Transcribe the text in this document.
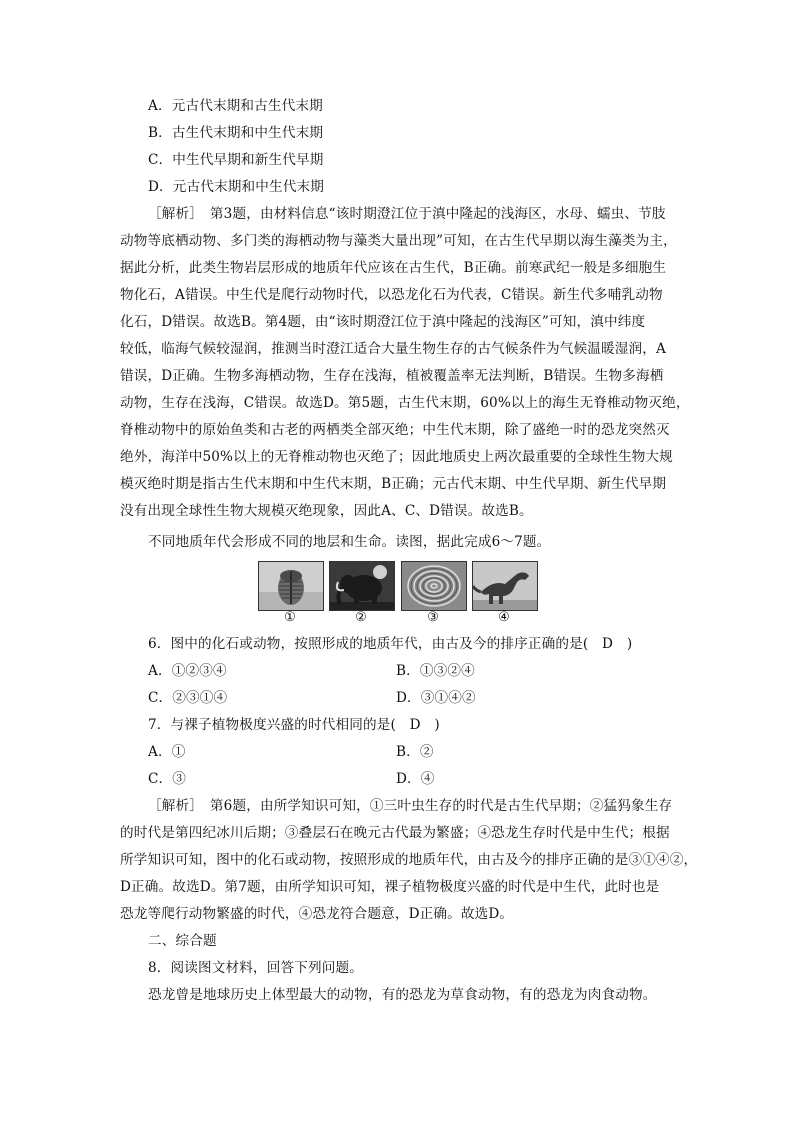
A．元古代末期和古生代末期
B．古生代末期和中生代末期
C．中生代早期和新生代早期
D．元古代末期和中生代末期
［解析］　第3题，由材料信息“该时期澄江位于滇中隆起的浅海区，水母、蠕虫、节肢
动物等底栖动物、多门类的海栖动物与藻类大量出现”可知，在古生代早期以海生藻类为主，
据此分析，此类生物岩层形成的地质年代应该在古生代，B正确。前寒武纪一般是多细胞生
物化石，A错误。中生代是爬行动物时代，以恐龙化石为代表，C错误。新生代多哺乳动物
化石，D错误。故选B。第4题，由“该时期澄江位于滇中隆起的浅海区”可知，滇中纬度
较低，临海气候较湿润，推测当时澄江适合大量生物生存的古气候条件为气候温暖湿润，A
错误，D正确。生物多海栖动物，生存在浅海，植被覆盖率无法判断，B错误。生物多海栖
动物，生存在浅海，C错误。故选D。第5题，古生代末期，60%以上的海生无脊椎动物灭绝，
脊椎动物中的原始鱼类和古老的两栖类全部灭绝；中生代末期，除了盛绝一时的恐龙突然灭
绝外，海洋中50%以上的无脊椎动物也灭绝了；因此地质史上两次最重要的全球性生物大规
模灭绝时期是指古生代末期和中生代末期，B正确；元古代末期、中生代早期、新生代早期
没有出现全球性生物大规模灭绝现象，因此A、C、D错误。故选B。
不同地质年代会形成不同的地层和生命。读图，据此完成6～7题。
①	②	③	④
6．图中的化石或动物，按照形成的地质年代，由古及今的排序正确的是(　D　)
A．①②③④	B．①③②④
C．②③①④	D．③①④②
7．与裸子植物极度兴盛的时代相同的是(　D　)
A．①	B．②
C．③	D．④
［解析］　第6题，由所学知识可知，①三叶虫生存的时代是古生代早期；②猛犸象生存
的时代是第四纪冰川后期；③叠层石在晚元古代最为繁盛；④恐龙生存时代是中生代；根据
所学知识可知，图中的化石或动物，按照形成的地质年代，由古及今的排序正确的是③①④②，
D正确。故选D。第7题，由所学知识可知，裸子植物极度兴盛的时代是中生代，此时也是
恐龙等爬行动物繁盛的时代，④恐龙符合题意，D正确。故选D。
二、综合题
8．阅读图文材料，回答下列问题。
恐龙曾是地球历史上体型最大的动物，有的恐龙为草食动物，有的恐龙为肉食动物。
